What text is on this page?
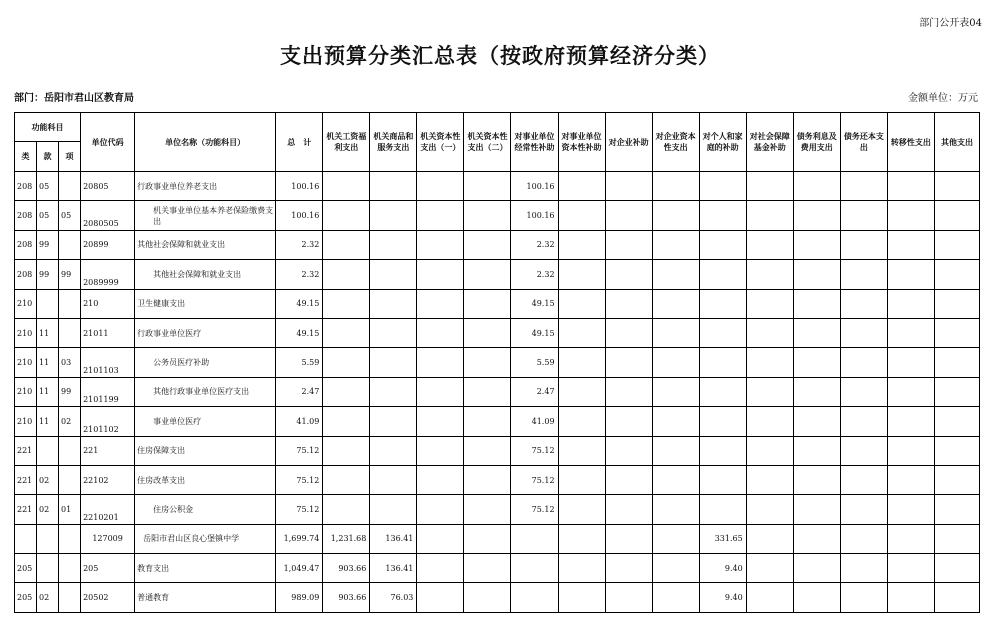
部门公开表04
支出预算分类汇总表（按政府预算经济分类）
部门：岳阳市君山区教育局	金额单位：万元
功能科目			单位代码	单位名称（功能科目）	总　计	机关工资福利支出	机关商品和服务支出	机关资本性支出（一）	机关资本性支出（二）	对事业单位经常性补助	对事业单位资本性补助	对企业补助	对企业资本性支出	对个人和家庭的补助	对社会保障基金补助	债务利息及费用支出	债务还本支出	转移性支出	其他支出
类	款	项																	
208	05		20805	行政事业单位养老支出	100.16					100.16									
208	05	05	2080505	机关事业单位基本养老保险缴费支出	100.16					100.16									
208	99		20899	其他社会保障和就业支出	2.32					2.32									
208	99	99	2089999	其他社会保障和就业支出	2.32					2.32									
210			210	卫生健康支出	49.15					49.15									
210	11		21011	行政事业单位医疗	49.15					49.15									
210	11	03	2101103	公务员医疗补助	5.59					5.59									
210	11	99	2101199	其他行政事业单位医疗支出	2.47					2.47									
210	11	02	2101102	事业单位医疗	41.09					41.09									
221			221	住房保障支出	75.12					75.12									
221	02		22102	住房改革支出	75.12					75.12									
221	02	01	2210201	住房公积金	75.12					75.12									
			127009	岳阳市君山区良心堡镇中学	1,699.74	1,231.68	136.41							331.65					
205			205	教育支出	1,049.47	903.66	136.41							9.40					
205	02		20502	普通教育	989.09	903.66	76.03							9.40					
